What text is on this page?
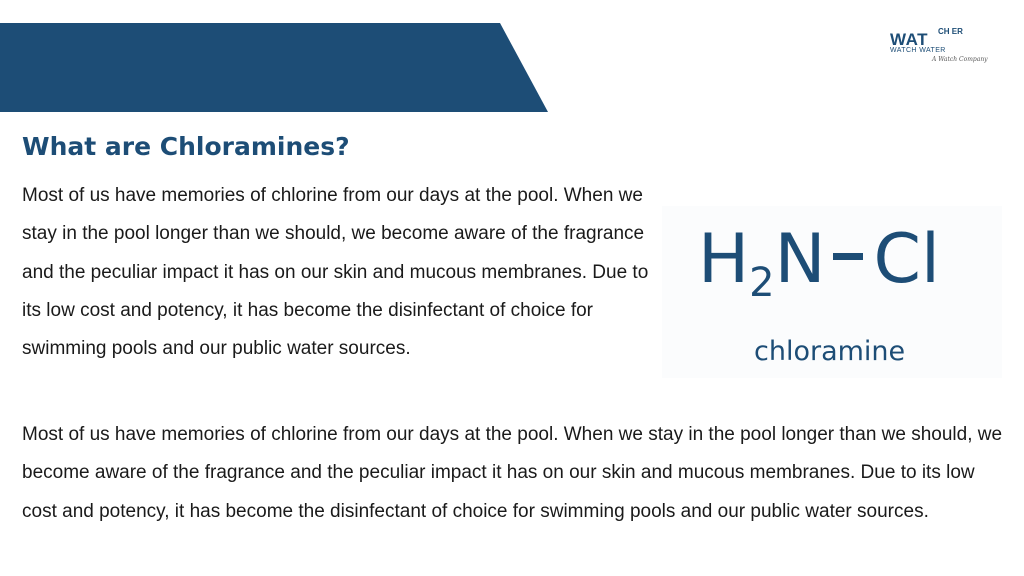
WAT CH ER
WATCH WATER
A Watch Company
What are Chloramines?

Most of us have memories of chlorine from our days at the pool. When we stay in the pool longer than we should, we become aware of the fragrance and the peculiar impact it has on our skin and mucous membranes. Due to its low cost and potency, it has become the disinfectant of choice for swimming pools and our public water sources.

$H_2N$ Cl

chloramine

Most of us have memories of chlorine from our days at the pool. When we stay in the pool longer than we should, we become aware of the fragrance and the peculiar impact it has on our skin and mucous membranes. Due to its low cost and potency, it has become the disinfectant of choice for swimming pools and our public water sources.
